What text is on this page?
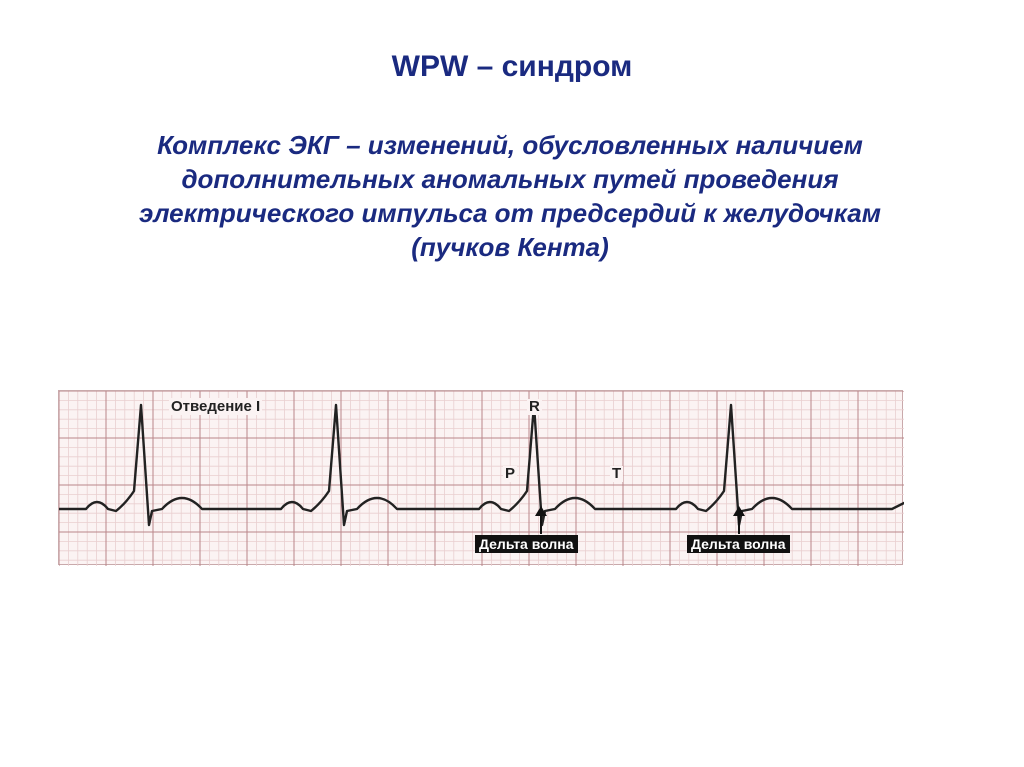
WPW – синдром
Комплекс ЭКГ – изменений, обусловленных наличием
дополнительных аномальных путей проведения
электрического импульса от предсердий к желудочкам
(пучков Кента)
Отведение I	R
P	T
Дельта волна	Дельта волна
